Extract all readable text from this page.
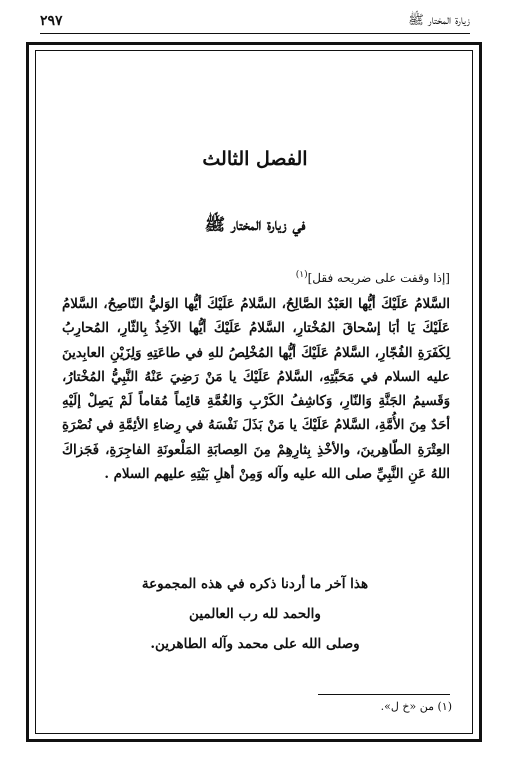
زيارة المختار ﷺ
٢٩٧
الفصل الثالث
في زيارة المختار ﷺ
[إذا وقفت على ضريحه فقل]$^{(١)}$
السَّلامُ عَلَيْكَ أيُّها العَبْدُ الصَّالِحُ، السَّلامُ عَلَيْكَ أيُّها الوَليُّ النّاصِحُ، السَّلامُ عَلَيْكَ يَا أبَا إسْحاقَ المُخْتارِ، السَّلامُ عَلَيْكَ أيُّها الآخِذُ بِالثّارِ، المُحارِبُ لِكَفَرَةِ الفُجّارِ، السَّلامُ عَلَيْكَ أيُّها المُخْلِصُ للهِ في طاعَتِهِ وَلِزَيْنِ العابِدينَ عليه السلام في مَحَبَّتِهِ، السَّلامُ عَلَيْكَ يا مَنْ رَضِيَ عَنْهُ النَّبِيُّ المُخْتارُ، وَقَسيمُ الجَنَّةِ وَالنّارِ، وَكاشِفُ الكَرْبِ وَالغُمَّةِ قائِماً مُقاماً لَمْ يَصِلْ إلَيْهِ أحَدٌ مِنَ الأُمَّةِ، السَّلامُ عَلَيْكَ يا مَنْ بَذَلَ نَفْسَهُ في رِضاءِ الأئِمَّةِ في نُصْرَةِ العِتْرَةِ الطّاهِرينَ، والأخْذِ بِثارِهِمْ مِنَ العِصابَةِ المَلْعونَةِ الفاجِرَةِ، فَجَزاكَ اللهُ عَنِ النَّبِيِّ صلى الله عليه وآله وَمِنْ أهلِ بَيْتِهِ عليهم السلام .
هذا آخر ما أردنا ذكره في هذه المجموعة
والحمد لله رب العالمين
وصلى الله على محمد وآله الطاهرين.
(١) من «خ ل».
